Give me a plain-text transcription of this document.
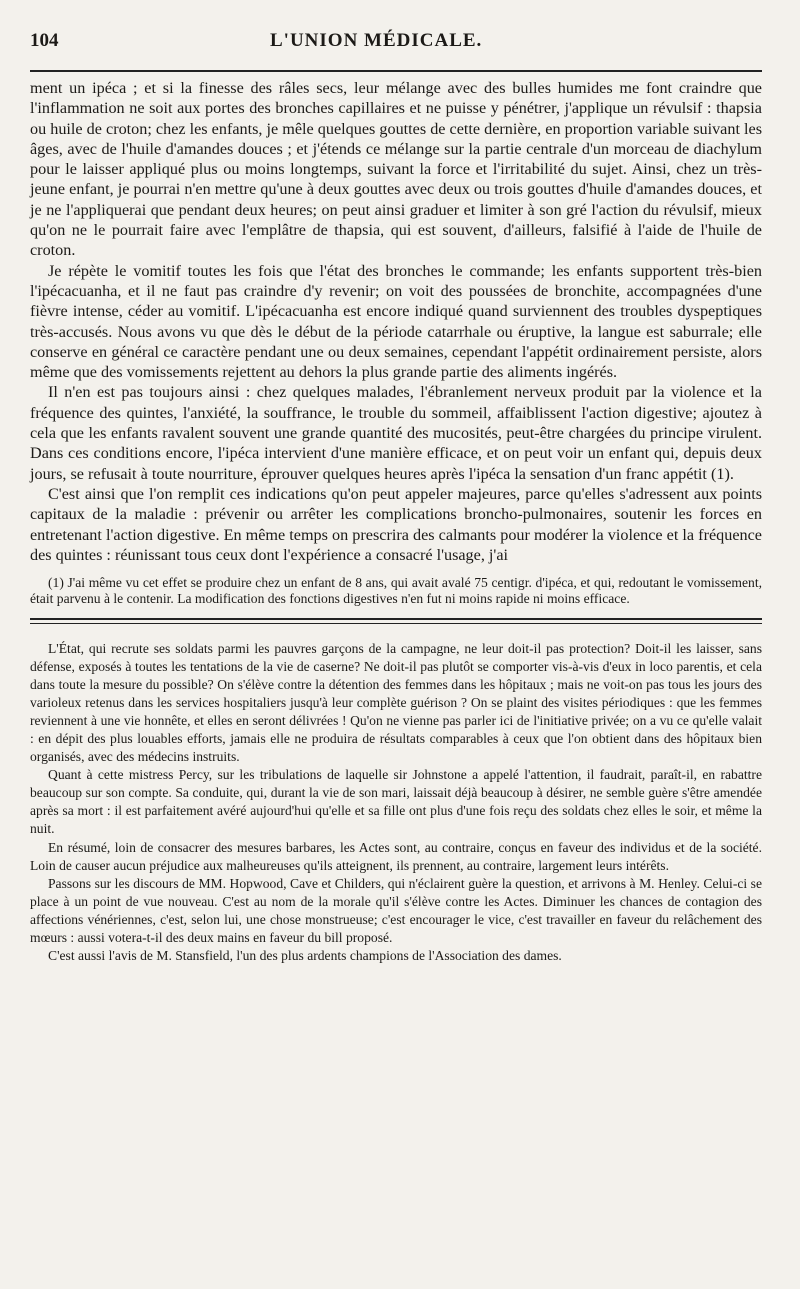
104	L'UNION MÉDICALE.

ment un ipéca ; et si la finesse des râles secs, leur mélange avec des bulles humides me font craindre que l'inflammation ne soit aux portes des bronches capillaires et ne puisse y pénétrer, j'applique un révulsif : thapsia ou huile de croton; chez les enfants, je mêle quelques gouttes de cette dernière, en proportion variable suivant les âges, avec de l'huile d'amandes douces ; et j'étends ce mélange sur la partie centrale d'un morceau de diachylum pour le laisser appliqué plus ou moins longtemps, suivant la force et l'irritabilité du sujet. Ainsi, chez un très-jeune enfant, je pourrai n'en mettre qu'une à deux gouttes avec deux ou trois gouttes d'huile d'amandes douces, et je ne l'appliquerai que pendant deux heures; on peut ainsi graduer et limiter à son gré l'action du révulsif, mieux qu'on ne le pourrait faire avec l'emplâtre de thapsia, qui est souvent, d'ailleurs, falsifié à l'aide de l'huile de croton.

Je répète le vomitif toutes les fois que l'état des bronches le commande; les enfants supportent très-bien l'ipécacuanha, et il ne faut pas craindre d'y revenir; on voit des poussées de bronchite, accompagnées d'une fièvre intense, céder au vomitif. L'ipécacuanha est encore indiqué quand surviennent des troubles dyspeptiques très-accusés. Nous avons vu que dès le début de la période catarrhale ou éruptive, la langue est saburrale; elle conserve en général ce caractère pendant une ou deux semaines, cependant l'appétit ordinairement persiste, alors même que des vomissements rejettent au dehors la plus grande partie des aliments ingérés.

Il n'en est pas toujours ainsi : chez quelques malades, l'ébranlement nerveux produit par la violence et la fréquence des quintes, l'anxiété, la souffrance, le trouble du sommeil, affaiblissent l'action digestive; ajoutez à cela que les enfants ravalent souvent une grande quantité des mucosités, peut-être chargées du principe virulent. Dans ces conditions encore, l'ipéca intervient d'une manière efficace, et on peut voir un enfant qui, depuis deux jours, se refusait à toute nourriture, éprouver quelques heures après l'ipéca la sensation d'un franc appétit (1).

C'est ainsi que l'on remplit ces indications qu'on peut appeler majeures, parce qu'elles s'adressent aux points capitaux de la maladie : prévenir ou arrêter les complications broncho-pulmonaires, soutenir les forces en entretenant l'action digestive. En même temps on prescrira des calmants pour modérer la violence et la fréquence des quintes : réunissant tous ceux dont l'expérience a consacré l'usage, j'ai

(1) J'ai même vu cet effet se produire chez un enfant de 8 ans, qui avait avalé 75 centigr. d'ipéca, et qui, redoutant le vomissement, était parvenu à le contenir. La modification des fonctions digestives n'en fut ni moins rapide ni moins efficace.

L'État, qui recrute ses soldats parmi les pauvres garçons de la campagne, ne leur doit-il pas protection? Doit-il les laisser, sans défense, exposés à toutes les tentations de la vie de caserne? Ne doit-il pas plutôt se comporter vis-à-vis d'eux in loco parentis, et cela dans toute la mesure du possible? On s'élève contre la détention des femmes dans les hôpitaux ; mais ne voit-on pas tous les jours des varioleux retenus dans les services hospitaliers jusqu'à leur complète guérison ? On se plaint des visites périodiques : que les femmes reviennent à une vie honnête, et elles en seront délivrées ! Qu'on ne vienne pas parler ici de l'initiative privée; on a vu ce qu'elle valait : en dépit des plus louables efforts, jamais elle ne produira de résultats comparables à ceux que l'on obtient dans des hôpitaux bien organisés, avec des médecins instruits.

Quant à cette mistress Percy, sur les tribulations de laquelle sir Johnstone a appelé l'attention, il faudrait, paraît-il, en rabattre beaucoup sur son compte. Sa conduite, qui, durant la vie de son mari, laissait déjà beaucoup à désirer, ne semble guère s'être amendée après sa mort : il est parfaitement avéré aujourd'hui qu'elle et sa fille ont plus d'une fois reçu des soldats chez elles le soir, et même la nuit.

En résumé, loin de consacrer des mesures barbares, les Actes sont, au contraire, conçus en faveur des individus et de la société. Loin de causer aucun préjudice aux malheureuses qu'ils atteignent, ils prennent, au contraire, largement leurs intérêts.

Passons sur les discours de MM. Hopwood, Cave et Childers, qui n'éclairent guère la question, et arrivons à M. Henley. Celui-ci se place à un point de vue nouveau. C'est au nom de la morale qu'il s'élève contre les Actes. Diminuer les chances de contagion des affections vénériennes, c'est, selon lui, une chose monstrueuse; c'est encourager le vice, c'est travailler en faveur du relâchement des mœurs : aussi votera-t-il des deux mains en faveur du bill proposé.

C'est aussi l'avis de M. Stansfield, l'un des plus ardents champions de l'Association des dames.
